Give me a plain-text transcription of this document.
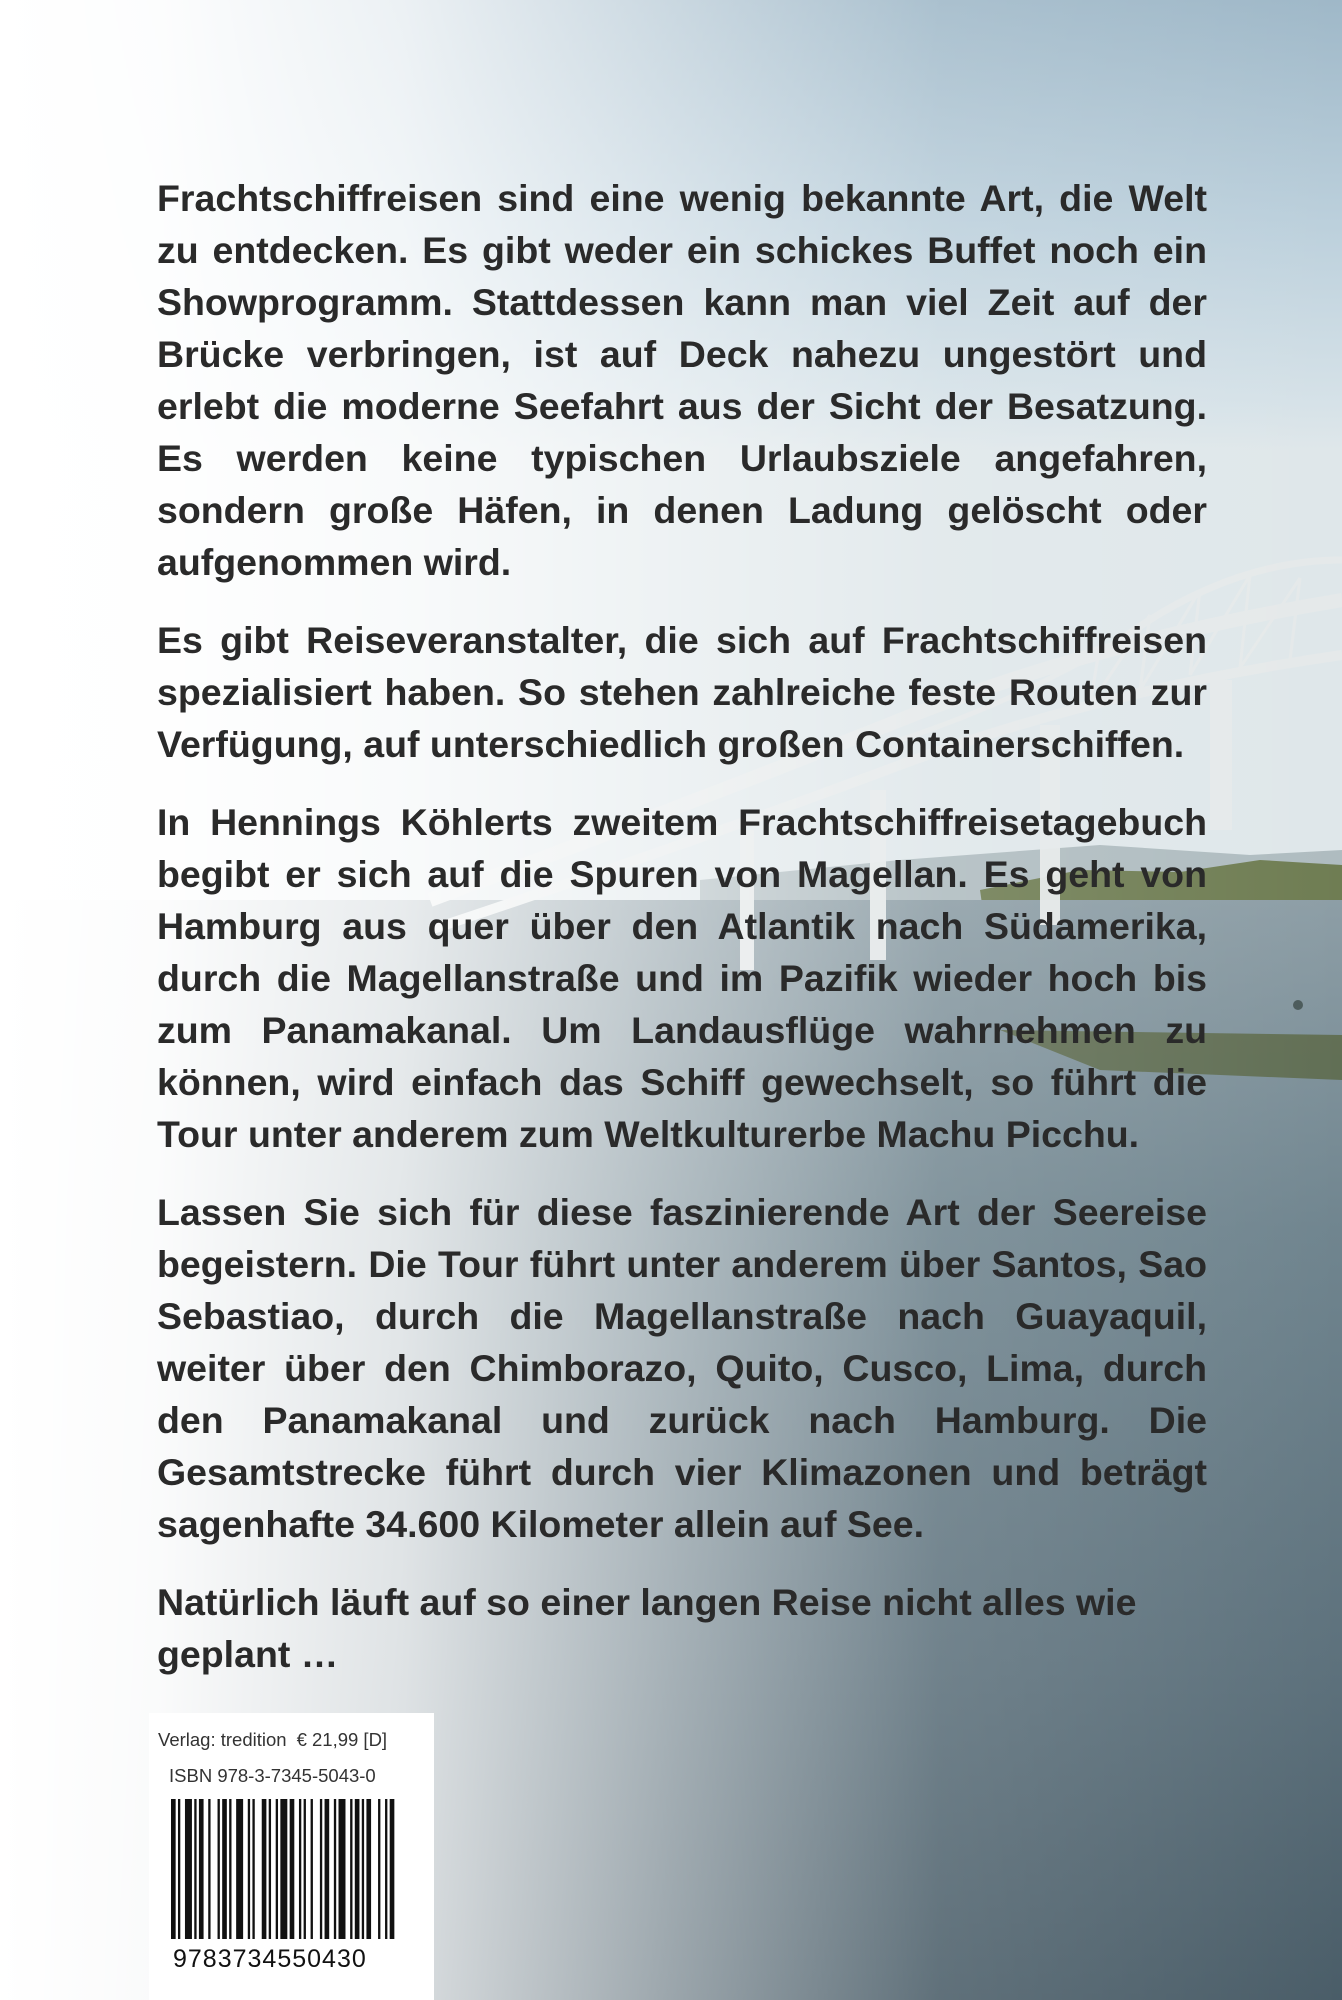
Frachtschiffreisen sind eine wenig bekannte Art, die Welt zu entdecken. Es gibt weder ein schickes Buffet noch ein Showprogramm. Stattdessen kann man viel Zeit auf der Brücke verbringen, ist auf Deck nahezu ungestört und erlebt die moderne Seefahrt aus der Sicht der Besatzung. Es werden keine typischen Urlaubsziele angefahren, sondern große Häfen, in denen Ladung gelöscht oder aufgenommen wird.

Es gibt Reiseveranstalter, die sich auf Frachtschiffreisen spezialisiert haben. So stehen zahlreiche feste Routen zur Verfügung, auf unterschiedlich großen Containerschiffen.

In Hennings Köhlerts zweitem Frachtschiffreisetagebuch begibt er sich auf die Spuren von Magellan. Es geht von Hamburg aus quer über den Atlantik nach Südamerika, durch die Magellanstraße und im Pazifik wieder hoch bis zum Panamakanal. Um Landausflüge wahrnehmen zu können, wird einfach das Schiff gewechselt, so führt die Tour unter anderem zum Weltkulturerbe Machu Picchu.

Lassen Sie sich für diese faszinierende Art der Seereise begeistern. Die Tour führt unter anderem über Santos, Sao Sebastiao, durch die Magellanstraße nach Guayaquil, weiter über den Chimborazo, Quito, Cusco, Lima, durch den Panamakanal und zurück nach Hamburg. Die Gesamtstrecke führt durch vier Klimazonen und beträgt sagenhafte 34.600 Kilometer allein auf See.

Natürlich läuft auf so einer langen Reise nicht alles wie geplant …

Verlag: tredition € 21,99 [D]
ISBN 978-3-7345-5043-0
9783734550430
